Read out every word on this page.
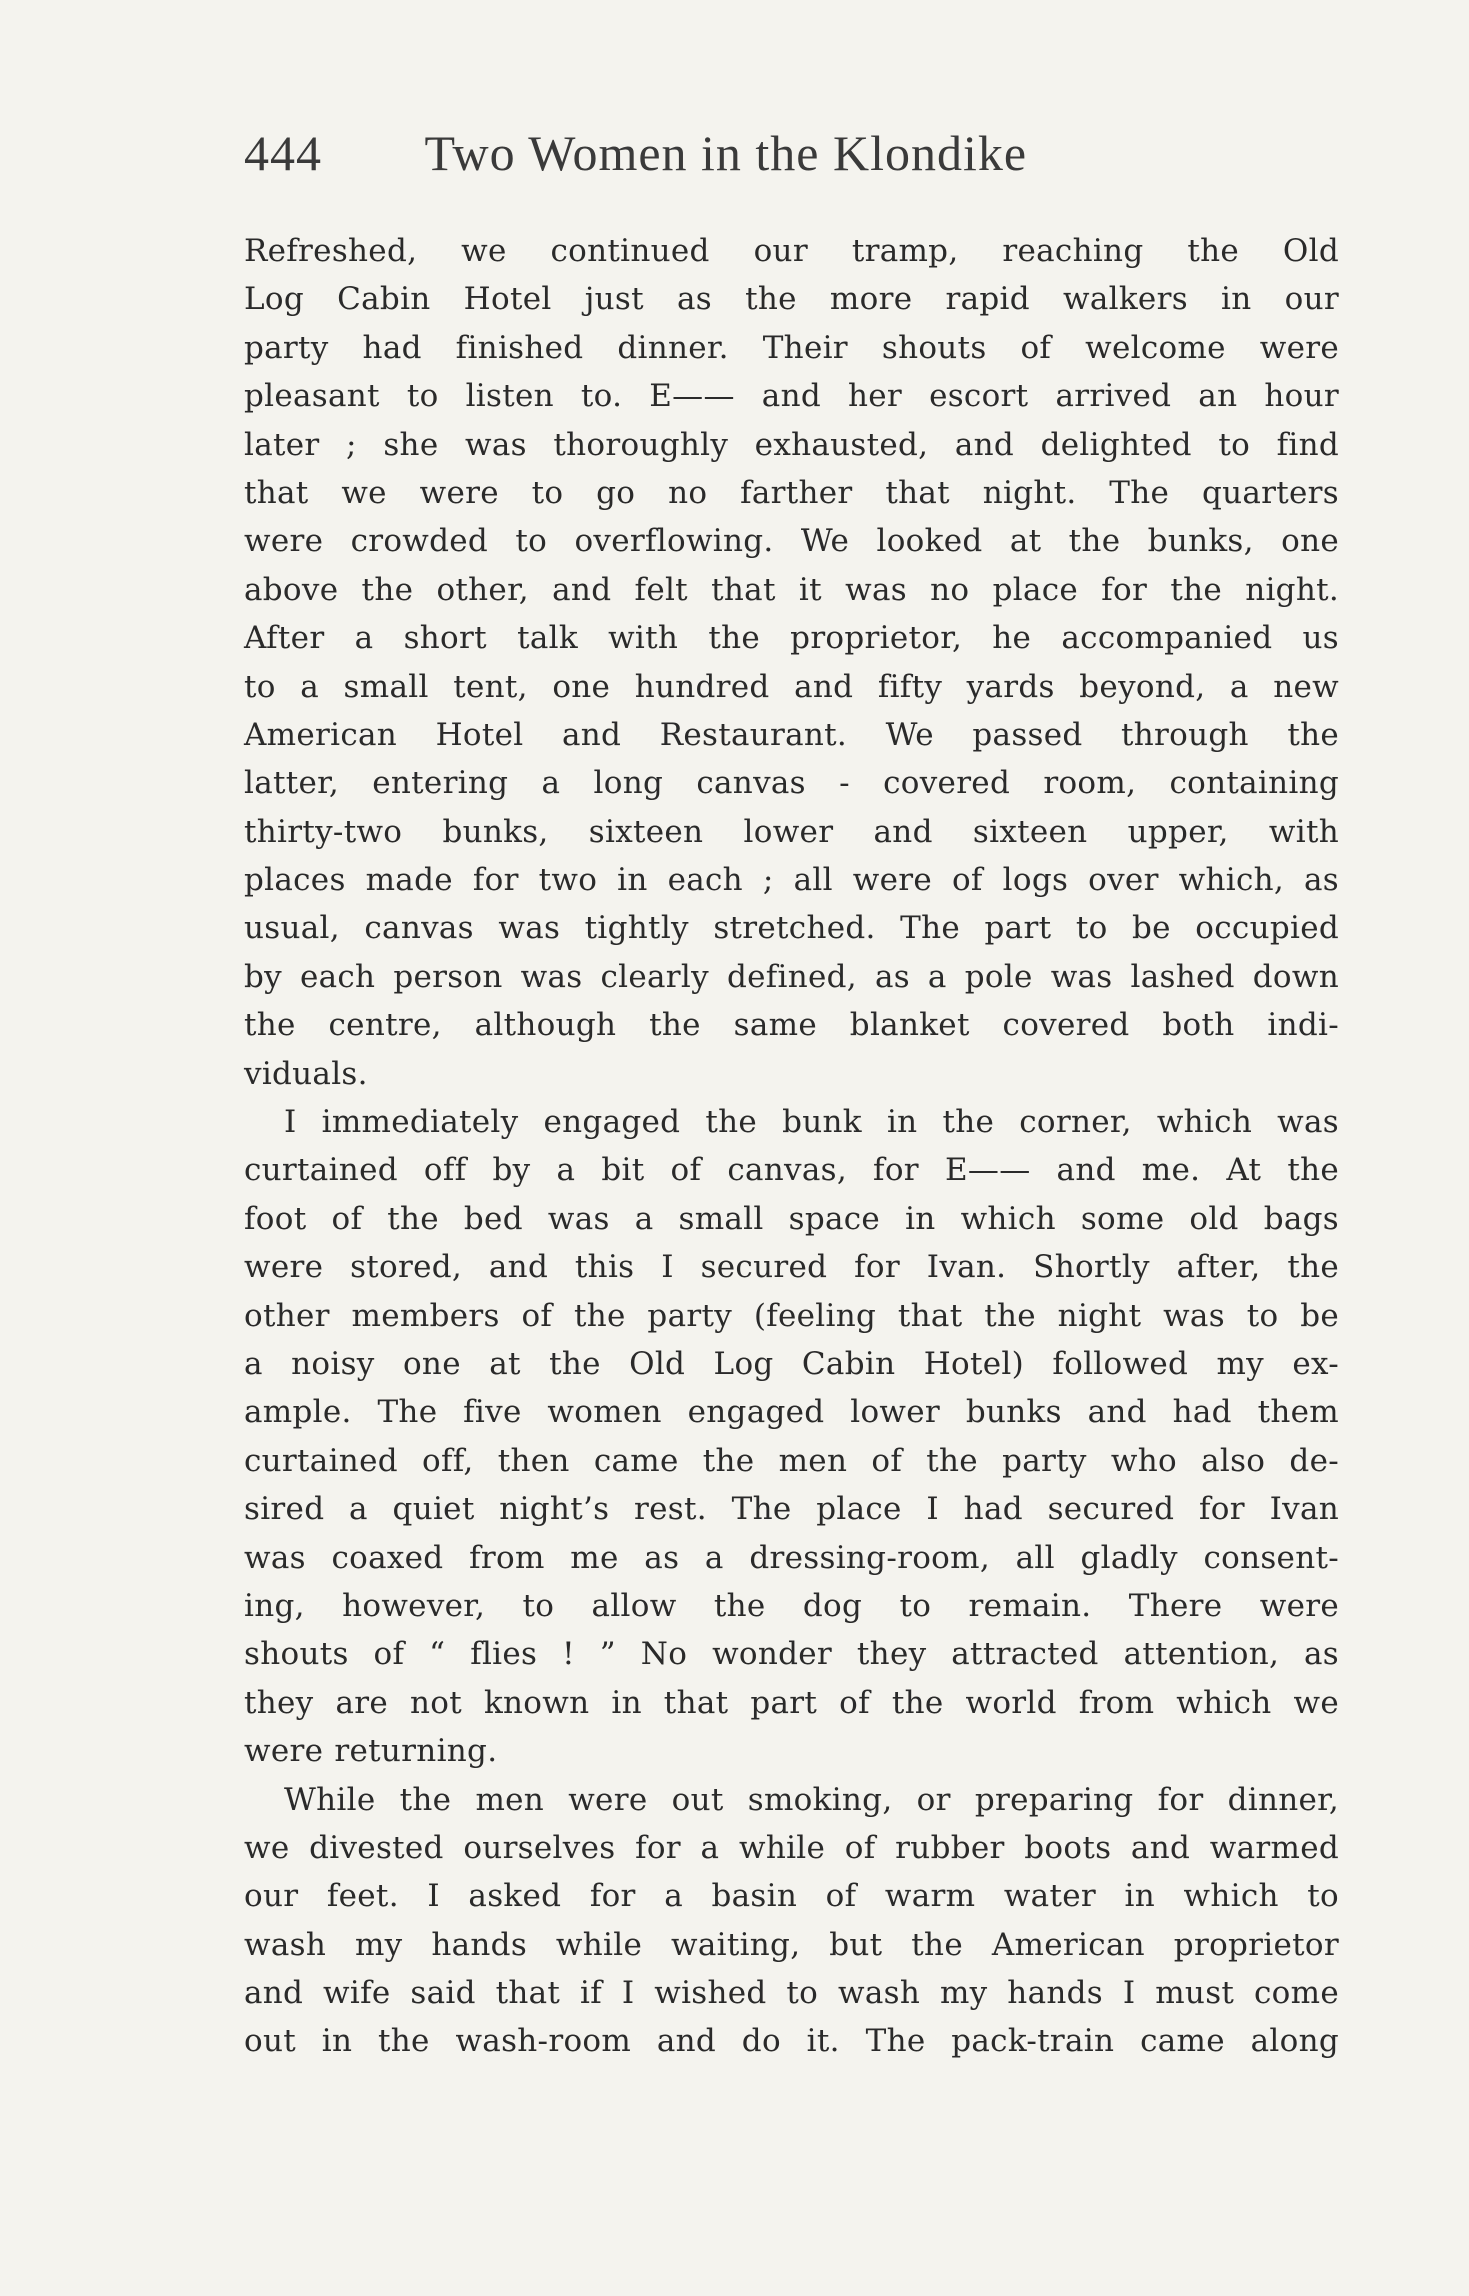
444 Two Women in the Klondike
Refreshed, we continued our tramp, reaching the Old
Log Cabin Hotel just as the more rapid walkers in our
party had finished dinner. Their shouts of welcome were
pleasant to listen to. E—— and her escort arrived an hour
later ; she was thoroughly exhausted, and delighted to find
that we were to go no farther that night. The quarters
were crowded to overflowing. We looked at the bunks, one
above the other, and felt that it was no place for the night.
After a short talk with the proprietor, he accompanied us
to a small tent, one hundred and fifty yards beyond, a new
American Hotel and Restaurant. We passed through the
latter, entering a long canvas - covered room, containing
thirty-two bunks, sixteen lower and sixteen upper, with
places made for two in each ; all were of logs over which, as
usual, canvas was tightly stretched. The part to be occupied
by each person was clearly defined, as a pole was lashed down
the centre, although the same blanket covered both indi-
viduals.
I immediately engaged the bunk in the corner, which was
curtained off by a bit of canvas, for E—— and me. At the
foot of the bed was a small space in which some old bags
were stored, and this I secured for Ivan. Shortly after, the
other members of the party (feeling that the night was to be
a noisy one at the Old Log Cabin Hotel) followed my ex-
ample. The five women engaged lower bunks and had them
curtained off, then came the men of the party who also de-
sired a quiet night’s rest. The place I had secured for Ivan
was coaxed from me as a dressing-room, all gladly consent-
ing, however, to allow the dog to remain. There were
shouts of “ flies ! ” No wonder they attracted attention, as
they are not known in that part of the world from which we
were returning.
While the men were out smoking, or preparing for dinner,
we divested ourselves for a while of rubber boots and warmed
our feet. I asked for a basin of warm water in which to
wash my hands while waiting, but the American proprietor
and wife said that if I wished to wash my hands I must come
out in the wash-room and do it. The pack-train came along
